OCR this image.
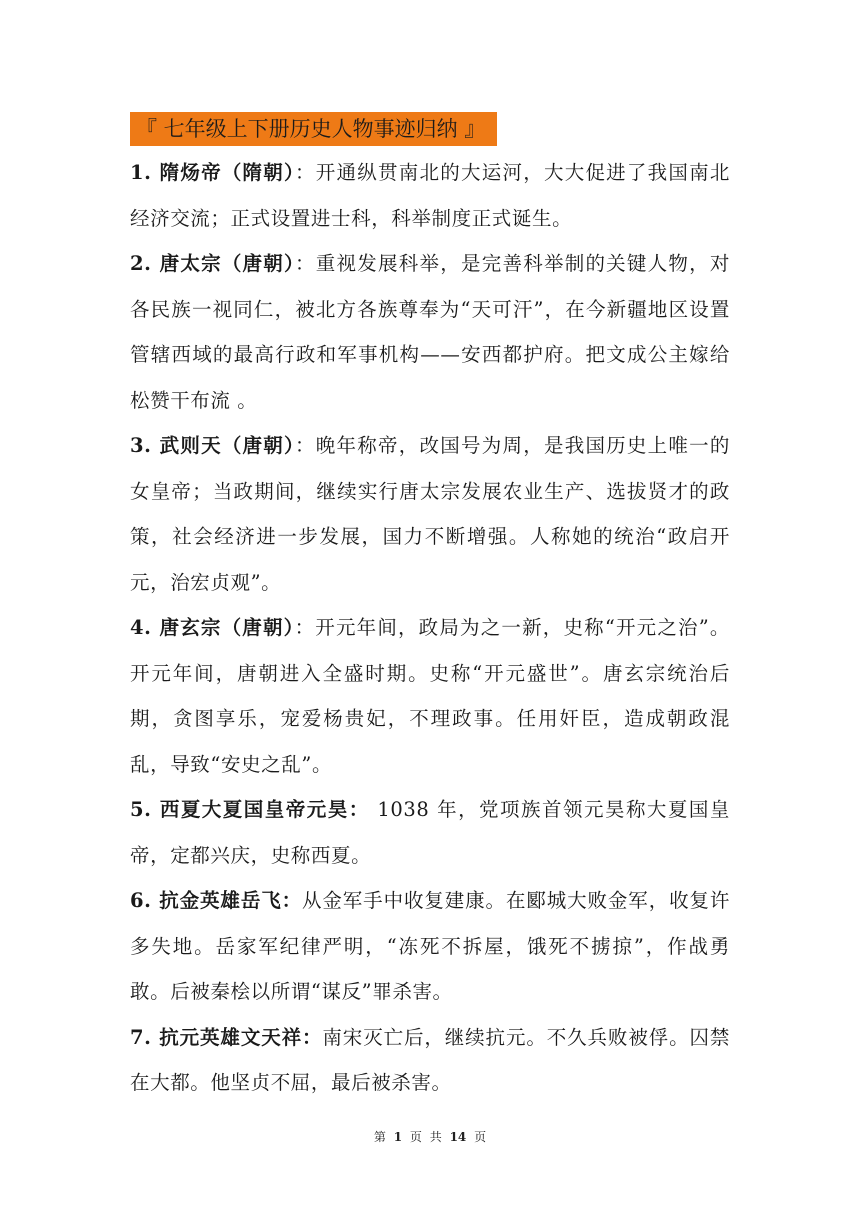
『 七年级上下册历史人物事迹归纳 』

1. 隋炀帝（隋朝）：开通纵贯南北的大运河，大大促进了我国南北 经济交流；正式设置进士科，科举制度正式诞生。

2. 唐太宗（唐朝）：重视发展科举，是完善科举制的关键人物，对各民族一视同仁，被北方各族尊奉为“天可汗”，在今新疆地区设置管辖西域的最高行政和军事机构——安西都护府。把文成公主嫁给松赞干布流 。

3. 武则天（唐朝）：晚年称帝，改国号为周，是我国历史上唯一的女皇帝；当政期间，继续实行唐太宗发展农业生产、选拔贤才的政策，社会经济进一步发展，国力不断增强。人称她的统治“政启开元，治宏贞观”。

4. 唐玄宗（唐朝）：开元年间，政局为之一新，史称“开元之治”。开元年间，唐朝进入全盛时期。史称“开元盛世”。唐玄宗统治后期，贪图享乐，宠爱杨贵妃，不理政事。任用奸臣，造成朝政混乱，导致“安史之乱”。

5. 西夏大夏国皇帝元昊： 1038 年，党项族首领元昊称大夏国皇帝，定都兴庆，史称西夏。

6. 抗金英雄岳飞：从金军手中收复建康。在郾城大败金军，收复许多失地。岳家军纪律严明，“冻死不拆屋，饿死不掳掠”，作战勇敢。后被秦桧以所谓“谋反”罪杀害。

7. 抗元英雄文天祥：南宋灭亡后，继续抗元。不久兵败被俘。囚禁在大都。他坚贞不屈，最后被杀害。

第 1 页 共 14 页
